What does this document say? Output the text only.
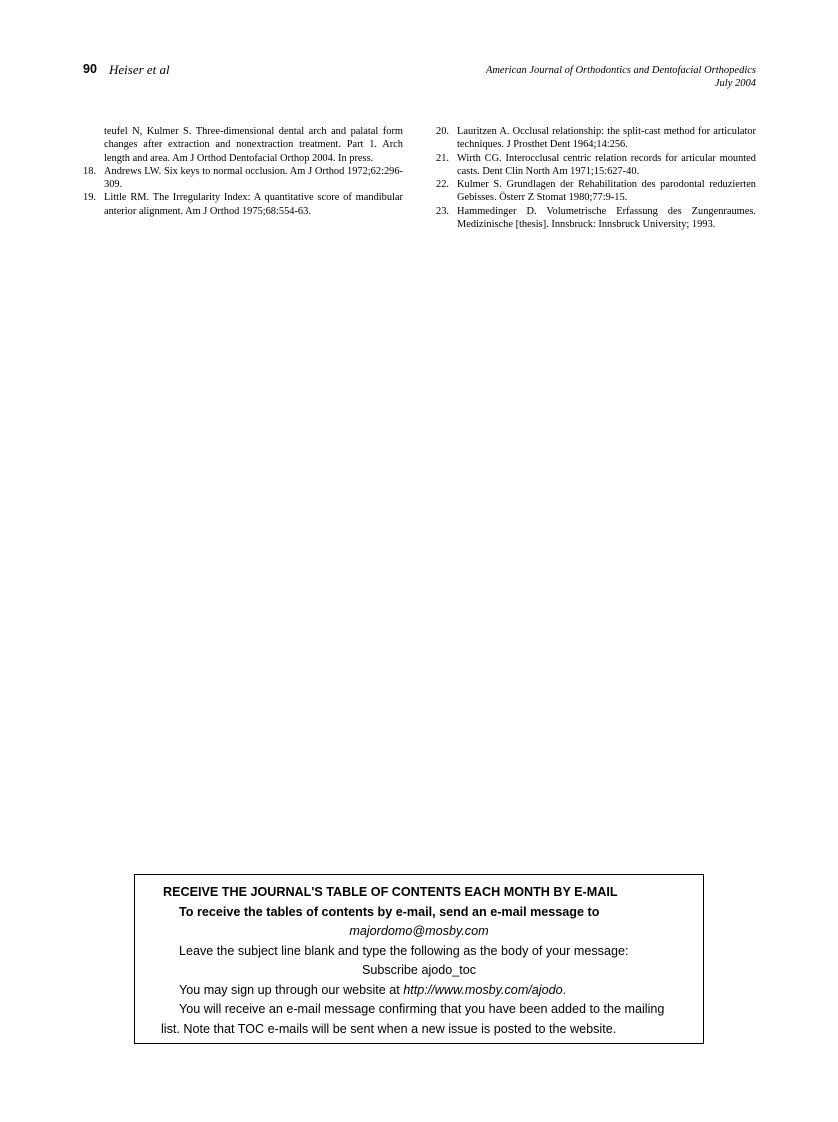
90 Heiser et al	American Journal of Orthodontics and Dentofacial Orthopedics
July 2004

teufel N, Kulmer S. Three-dimensional dental arch and palatal form changes after extraction and nonextraction treatment. Part 1. Arch length and area. Am J Orthod Dentofacial Orthop 2004. In press.

18. Andrews LW. Six keys to normal occlusion. Am J Orthod 1972;62:296-309.

19. Little RM. The Irregularity Index: A quantitative score of mandibular anterior alignment. Am J Orthod 1975;68:554-63.

20. Lauritzen A. Occlusal relationship: the split-cast method for articulator techniques. J Prosthet Dent 1964;14:256.

21. Wirth CG. Interocclusal centric relation records for articular mounted casts. Dent Clin North Am 1971;15:627-40.

22. Kulmer S. Grundlagen der Rehabilitation des parodontal reduzierten Gebisses. Österr Z Stomat 1980;77:9-15.

23. Hammedinger D. Volumetrische Erfassung des Zungenraumes. Medizinische [thesis]. Innsbruck: Innsbruck University; 1993.

RECEIVE THE JOURNAL'S TABLE OF CONTENTS EACH MONTH BY E-MAIL

To receive the tables of contents by e-mail, send an e-mail message to

majordomo@mosby.com

Leave the subject line blank and type the following as the body of your message:

Subscribe ajodo_toc

You may sign up through our website at http://www.mosby.com/ajodo.

You will receive an e-mail message confirming that you have been added to the mailing

list. Note that TOC e-mails will be sent when a new issue is posted to the website.
